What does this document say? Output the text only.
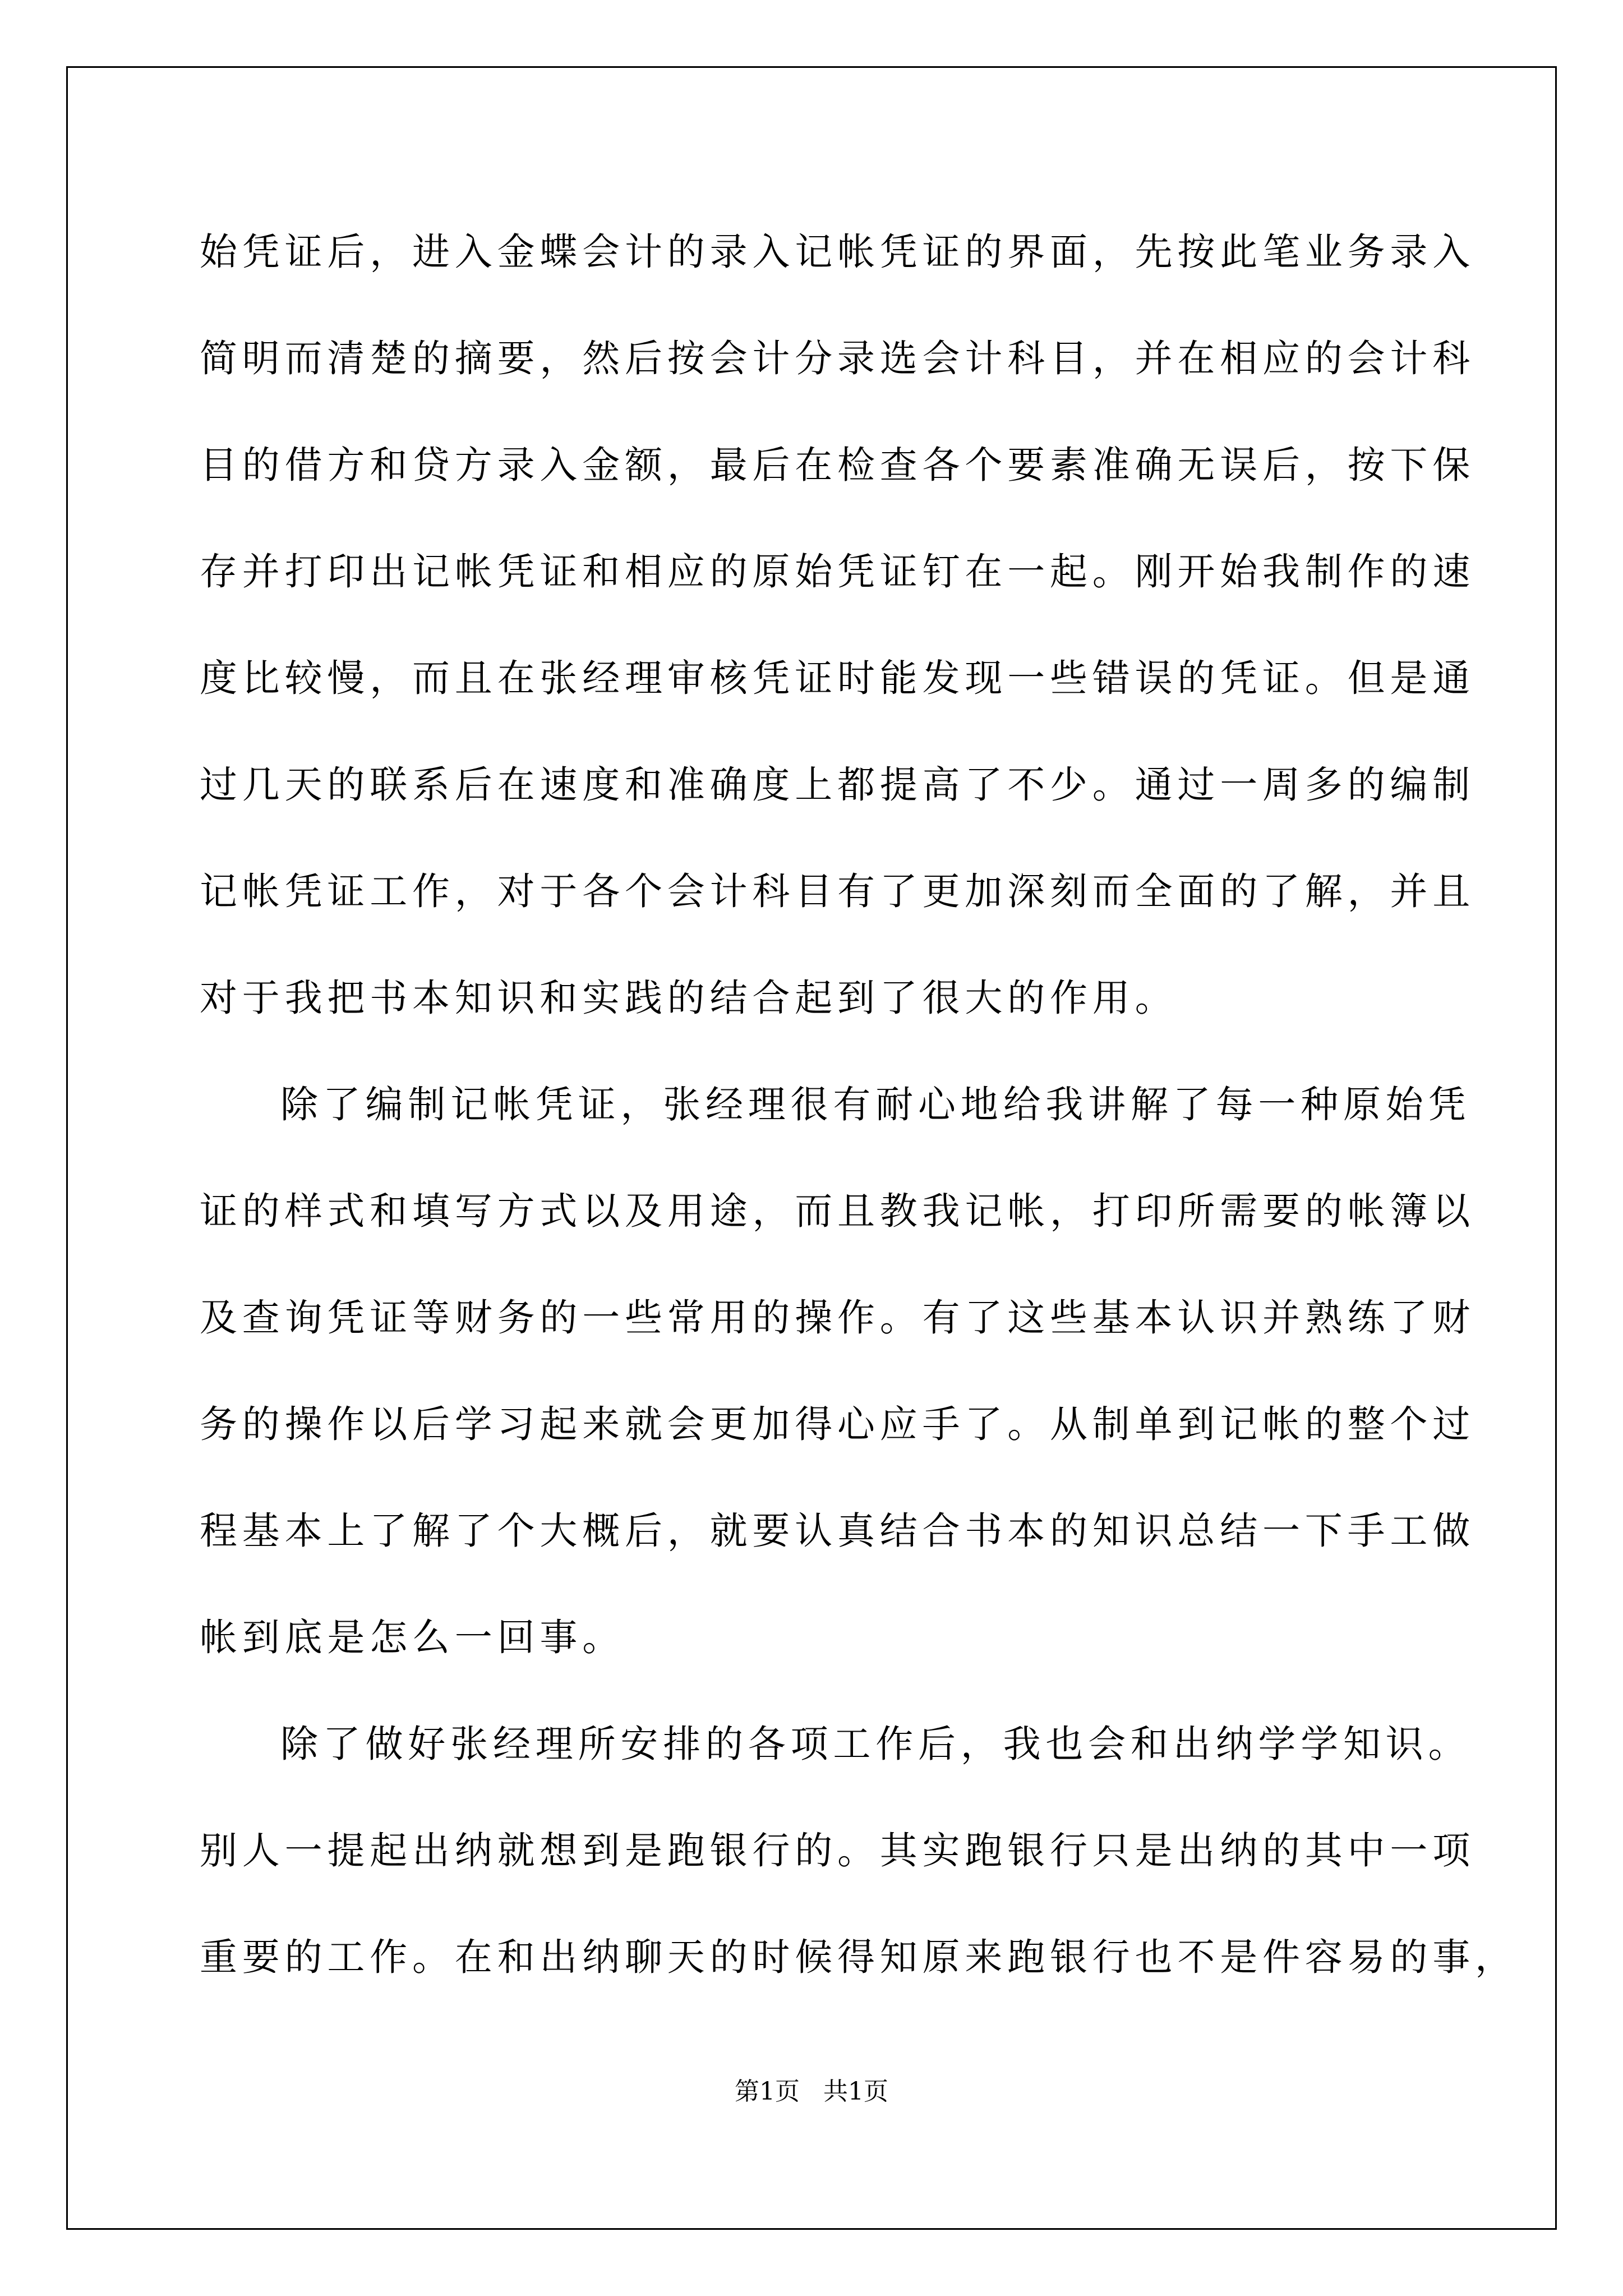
始凭证后，进入金蝶会计的录入记帐凭证的界面，先按此笔业务录入
简明而清楚的摘要，然后按会计分录选会计科目，并在相应的会计科
目的借方和贷方录入金额，最后在检查各个要素准确无误后，按下保
存并打印出记帐凭证和相应的原始凭证钉在一起。刚开始我制作的速
度比较慢，而且在张经理审核凭证时能发现一些错误的凭证。但是通
过几天的联系后在速度和准确度上都提高了不少。通过一周多的编制
记帐凭证工作，对于各个会计科目有了更加深刻而全面的了解，并且
对于我把书本知识和实践的结合起到了很大的作用。
除了编制记帐凭证，张经理很有耐心地给我讲解了每一种原始凭
证的样式和填写方式以及用途，而且教我记帐，打印所需要的帐簿以
及查询凭证等财务的一些常用的操作。有了这些基本认识并熟练了财
务的操作以后学习起来就会更加得心应手了。从制单到记帐的整个过
程基本上了解了个大概后，就要认真结合书本的知识总结一下手工做
帐到底是怎么一回事。
除了做好张经理所安排的各项工作后，我也会和出纳学学知识。
别人一提起出纳就想到是跑银行的。其实跑银行只是出纳的其中一项
重要的工作。在和出纳聊天的时候得知原来跑银行也不是件容易的事，
第1页   共1页
